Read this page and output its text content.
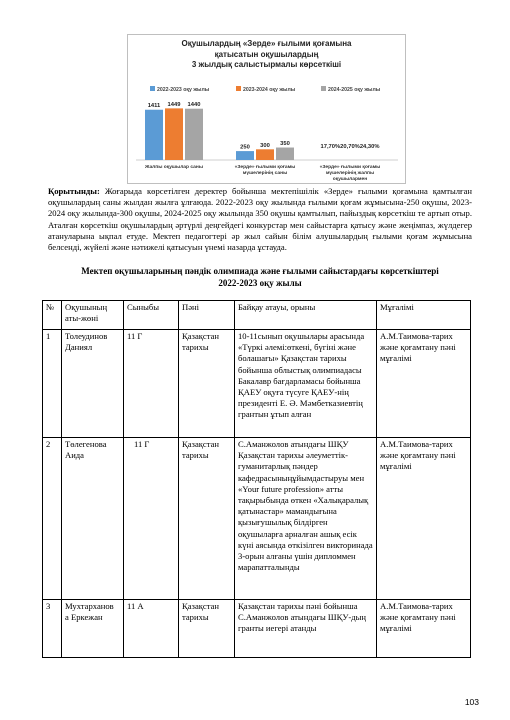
Оқушылардың «Зерде» ғылыми қоғамына
қатысатын оқушылардың
3 жылдық салыстырмалы көрсеткіші
2022-2023 оқу жылы	2023-2024 оқу жылы	2024-2025 оқу жылы
1411 1449 1440
Жалпы оқушылар саны
250 300 350
«Зерде» ғылыми қоғамы
мүшелерінің саны
«Зерде» ғылыми қоғамы
мүшелерінің жалпы
оқушылармен
17,70%20,70%24,30%

Қорытынды: Жоғарыда көрсетілген деректер бойынша мектепішілік «Зерде» ғылыми қоғамына қамтылған оқушылардың саны жылдан жылға ұлғаюда. 2022-2023 оқу жылында ғылыми қоғам жұмысына-250 оқушы, 2023-2024 оқу жылында-300 оқушы, 2024-2025 оқу жылында 350 оқушы қамтылып, пайыздық көрсеткіш те артып отыр. Аталған көрсеткіш оқушылардың әртүрлі деңгейдегі конкурстар мен сайыстарға қатысу және жеңімпаз, жүлдегер атануларына ықпал етуде. Мектеп педагогтері әр жыл сайын білім алушылардың ғылыми қоғам жұмысына белсенді, жүйелі және нәтижелі қатысуын үнемі назарда ұстауда.

Мектеп оқушыларының пәндік олимпиада және ғылыми сайыстардағы көрсеткіштері
2022-2023 оқу жылы
№	Оқушының
аты-жөні	Сыныбы	Пәні	Байқау атауы, орыны	Мұғалімі
1	Толеудинов
Даниял	11 Г	Қазақстан
тарихы	10-11сынып оқушылары арасында «Түркі әлемі:өткені, бүгіні және болашағы» Қазақстан тарихы бойынша облыстық олимпиадасы Бакалавр бағдарламасы бойынша ҚАЕУ оқуға түсуге ҚАЕУ-нің президенті Е. Ә. Мәмбетказиевтің грантын ұтып алған	А.М.Таимова-тарих және қоғамтану пәні мұғалімі
2	Төлегенова
Аида	11 Г	Қазақстан
тарихы	С.Аманжолов атындағы ШҚУ Қазақстан тарихы әлеуметтік-гуманитарлық пәндер кафедрасыныңұйымдастыруы мен «Your future profession» атты тақырыбында өткен «Халықаралық қатынастар» мамандығына қызығушылық білдірген оқушыларға арналған ашық есік күні аясында өткізілген викторинада 3-орын алғаны үшін дипломмен марапатталынды	А.М.Таимова-тарих және қоғамтану пәні мұғалімі
3	Мухтарханов
а Еркежан	11 А	Қазақстан
тарихы	Қазақстан тарихы пәні бойынша С.Аманжолов атындағы ШҚУ-дың гранты иегері атанды	А.М.Таимова-тарих және қоғамтану пәні мұғалімі
103
